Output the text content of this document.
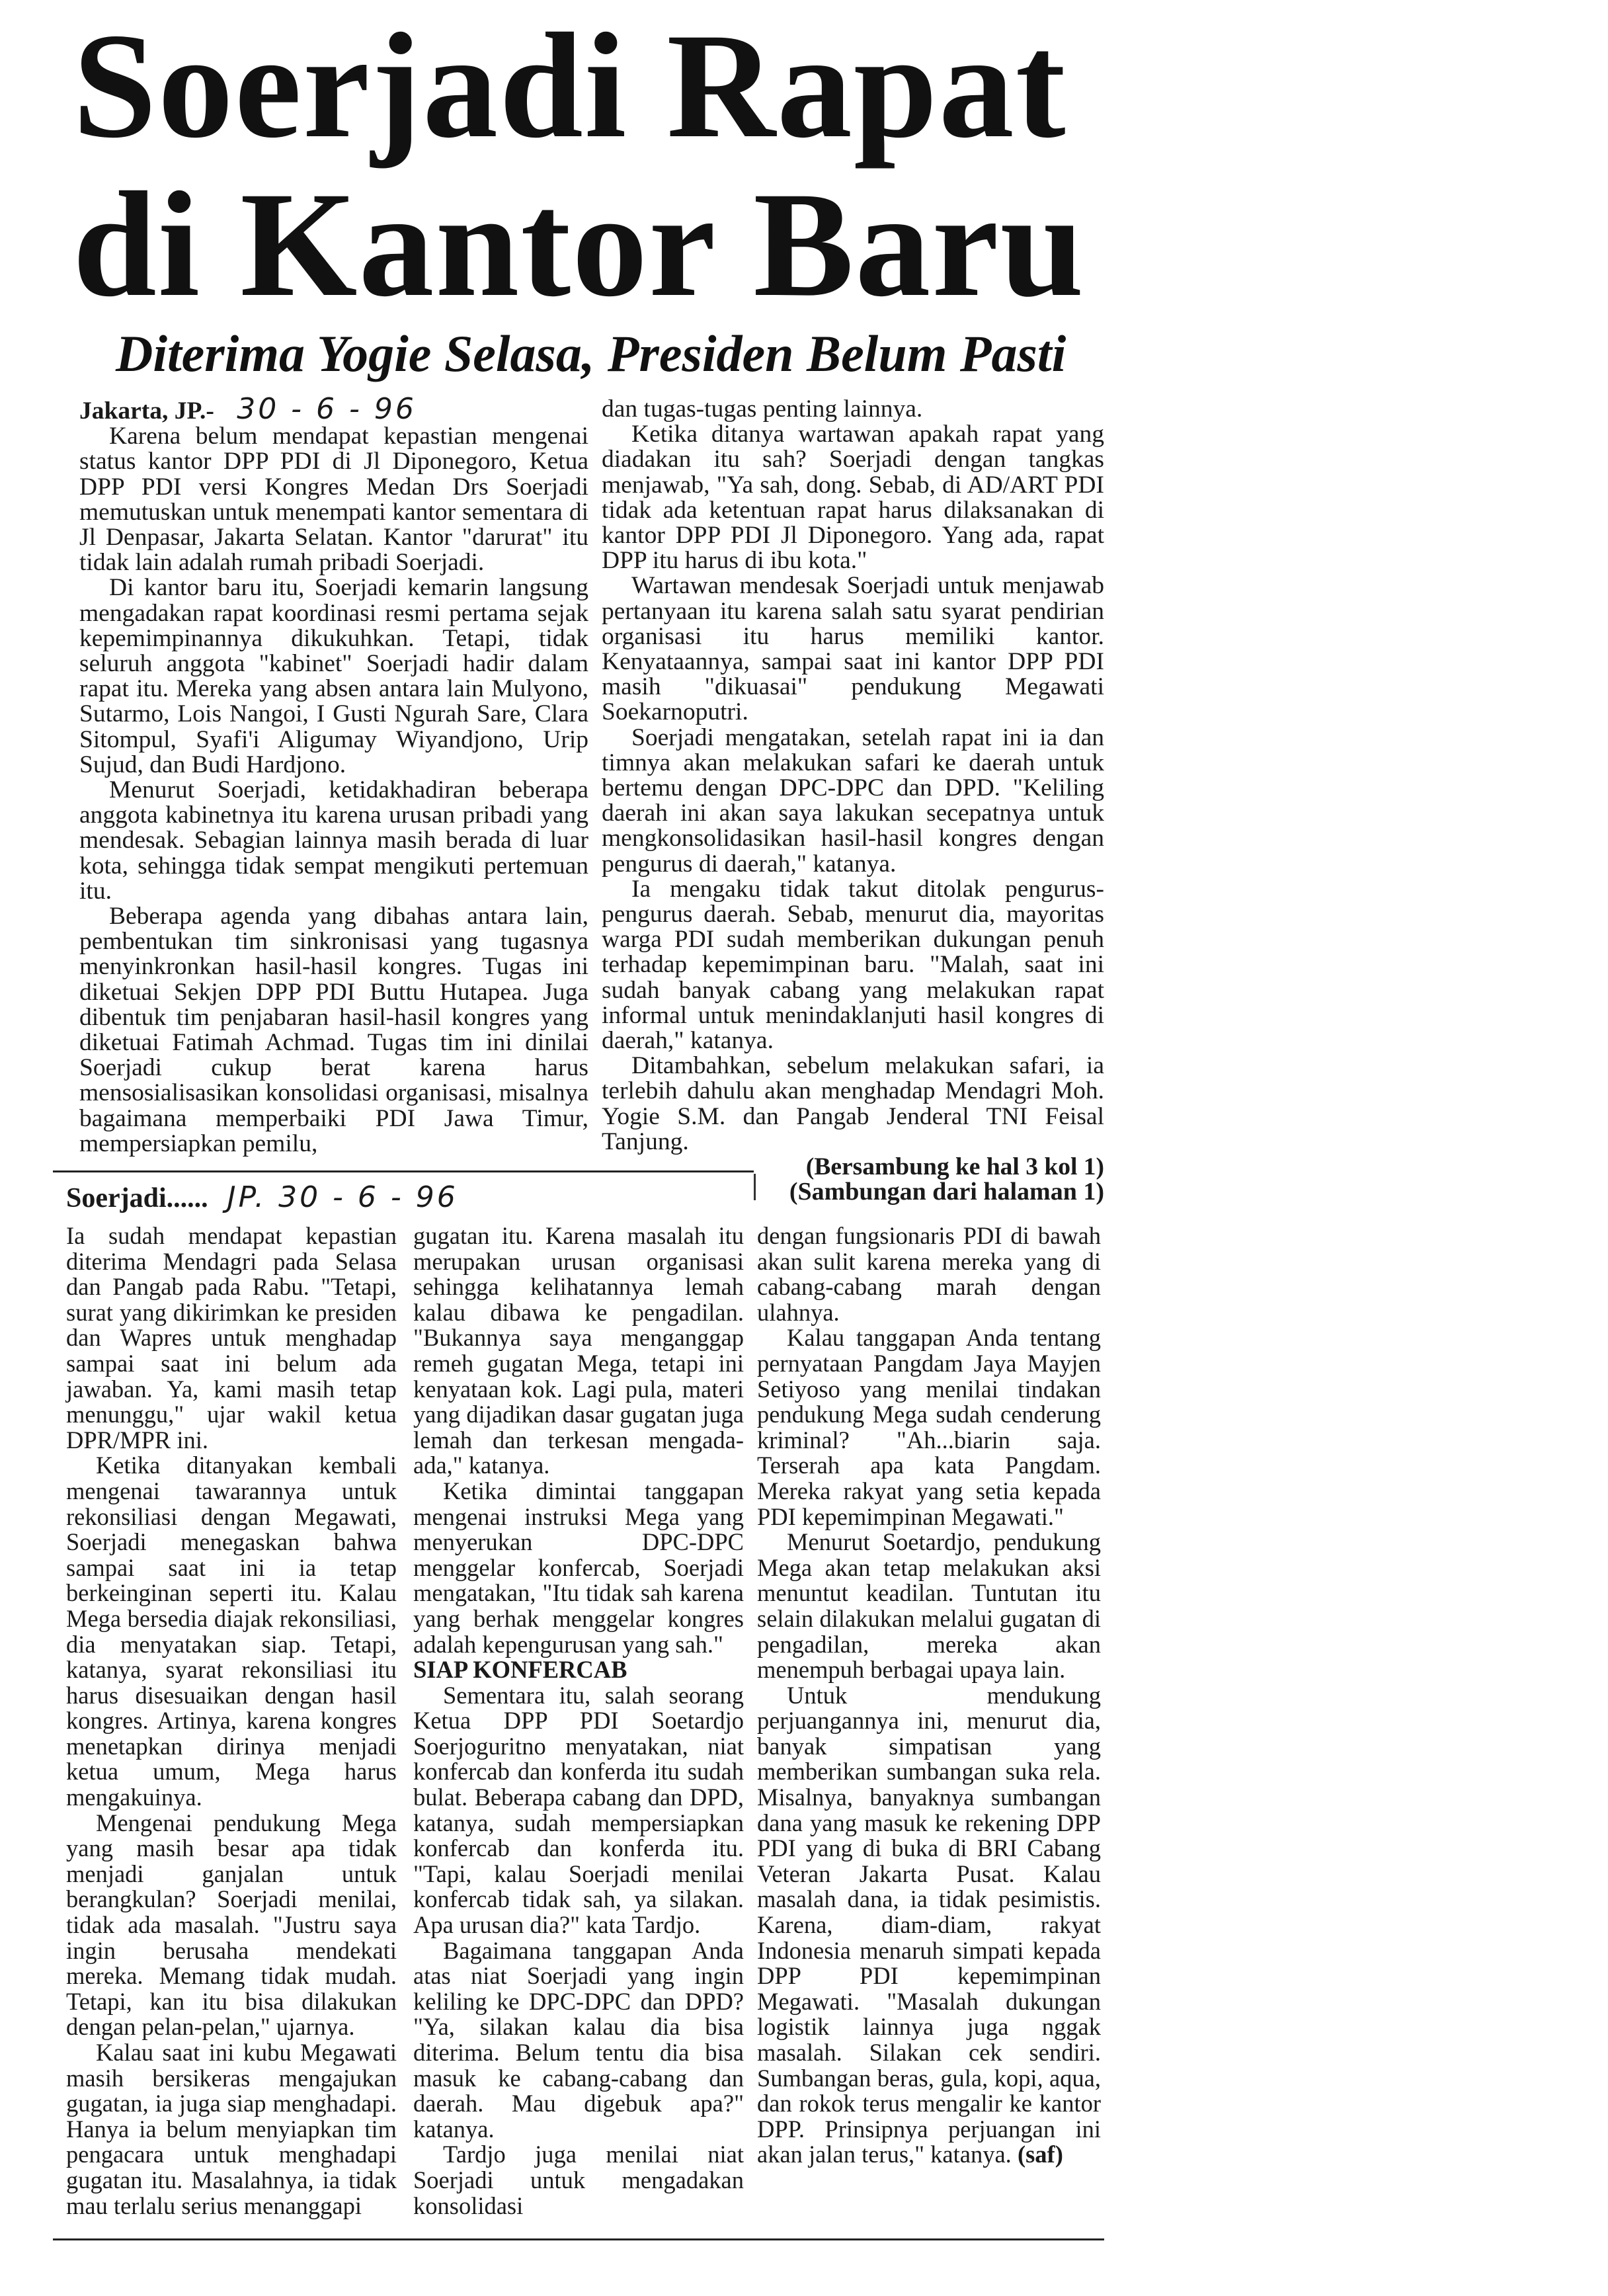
Soerjadi Rapat
di Kantor Baru
Diterima Yogie Selasa, Presiden Belum Pasti

Jakarta, JP.- 30 - 6 - 96

Karena belum mendapat kepastian mengenai status kantor DPP PDI di Jl Diponegoro, Ketua DPP PDI versi Kongres Medan Drs Soerjadi memutuskan untuk menempati kantor sementara di Jl Denpasar, Jakarta Selatan. Kantor "darurat" itu tidak lain adalah rumah pribadi Soerjadi.

Di kantor baru itu, Soerjadi kemarin langsung mengadakan rapat koordinasi resmi pertama sejak kepemimpinannya dikukuhkan. Tetapi, tidak seluruh anggota "kabinet" Soerjadi hadir dalam rapat itu. Mereka yang absen antara lain Mulyono, Sutarmo, Lois Nangoi, I Gusti Ngurah Sare, Clara Sitompul, Syafi'i Aligumay Wiyandjono, Urip Sujud, dan Budi Hardjono.

Menurut Soerjadi, ketidakhadiran beberapa anggota kabinetnya itu karena urusan pribadi yang mendesak. Sebagian lainnya masih berada di luar kota, sehingga tidak sempat mengikuti pertemuan itu.

Beberapa agenda yang dibahas antara lain, pembentukan tim sinkronisasi yang tugasnya menyinkronkan hasil-hasil kongres. Tugas ini diketuai Sekjen DPP PDI Buttu Hutapea. Juga dibentuk tim penjabaran hasil-hasil kongres yang diketuai Fatimah Achmad. Tugas tim ini dinilai Soerjadi cukup berat karena harus mensosialisasikan konsolidasi organisasi, misalnya bagaimana memperbaiki PDI Jawa Timur, mempersiapkan pemilu,

dan tugas-tugas penting lainnya.

Ketika ditanya wartawan apakah rapat yang diadakan itu sah? Soerjadi dengan tangkas menjawab, "Ya sah, dong. Sebab, di AD/ART PDI tidak ada ketentuan rapat harus dilaksanakan di kantor DPP PDI Jl Diponegoro. Yang ada, rapat DPP itu harus di ibu kota."

Wartawan mendesak Soerjadi untuk menjawab pertanyaan itu karena salah satu syarat pendirian organisasi itu harus memiliki kantor. Kenyataannya, sampai saat ini kantor DPP PDI masih "dikuasai" pendukung Megawati Soekarnoputri.

Soerjadi mengatakan, setelah rapat ini ia dan timnya akan melakukan safari ke daerah untuk bertemu dengan DPC-DPC dan DPD. "Keliling daerah ini akan saya lakukan secepatnya untuk mengkonsolidasikan hasil-hasil kongres dengan pengurus di daerah," katanya.

Ia mengaku tidak takut ditolak pengurus-pengurus daerah. Sebab, menurut dia, mayoritas warga PDI sudah memberikan dukungan penuh terhadap kepemimpinan baru. "Malah, saat ini sudah banyak cabang yang melakukan rapat informal untuk menindaklanjuti hasil kongres di daerah," katanya.

Ditambahkan, sebelum melakukan safari, ia terlebih dahulu akan menghadap Mendagri Moh. Yogie S.M. dan Pangab Jenderal TNI Feisal Tanjung.

(Bersambung ke hal 3 kol 1)

Soerjadi...... JP. 30 - 6 - 96	(Sambungan dari halaman 1)

Ia sudah mendapat kepastian diterima Mendagri pada Selasa dan Pangab pada Rabu. "Tetapi, surat yang dikirimkan ke presiden dan Wapres untuk menghadap sampai saat ini belum ada jawaban. Ya, kami masih tetap menunggu," ujar wakil ketua DPR/MPR ini.

Ketika ditanyakan kembali mengenai tawarannya untuk rekonsiliasi dengan Megawati, Soerjadi menegaskan bahwa sampai saat ini ia tetap berkeinginan seperti itu. Kalau Mega bersedia diajak rekonsiliasi, dia menyatakan siap. Tetapi, katanya, syarat rekonsiliasi itu harus disesuaikan dengan hasil kongres. Artinya, karena kongres menetapkan dirinya menjadi ketua umum, Mega harus mengakuinya.

Mengenai pendukung Mega yang masih besar apa tidak menjadi ganjalan untuk berangkulan? Soerjadi menilai, tidak ada masalah. "Justru saya ingin berusaha mendekati mereka. Memang tidak mudah. Tetapi, kan itu bisa dilakukan dengan pelan-pelan," ujarnya.

Kalau saat ini kubu Megawati masih bersikeras mengajukan gugatan, ia juga siap menghadapi. Hanya ia belum menyiapkan tim pengacara untuk menghadapi gugatan itu. Masalahnya, ia tidak mau terlalu serius menanggapi

gugatan itu. Karena masalah itu merupakan urusan organisasi sehingga kelihatannya lemah kalau dibawa ke pengadilan. "Bukannya saya menganggap remeh gugatan Mega, tetapi ini kenyataan kok. Lagi pula, materi yang dijadikan dasar gugatan juga lemah dan terkesan mengada-ada," katanya.

Ketika dimintai tanggapan mengenai instruksi Mega yang menyerukan DPC-DPC menggelar konfercab, Soerjadi mengatakan, "Itu tidak sah karena yang berhak menggelar kongres adalah kepengurusan yang sah."

SIAP KONFERCAB

Sementara itu, salah seorang Ketua DPP PDI Soetardjo Soerjoguritno menyatakan, niat konfercab dan konferda itu sudah bulat. Beberapa cabang dan DPD, katanya, sudah mempersiapkan konfercab dan konferda itu. "Tapi, kalau Soerjadi menilai konfercab tidak sah, ya silakan. Apa urusan dia?" kata Tardjo.

Bagaimana tanggapan Anda atas niat Soerjadi yang ingin keliling ke DPC-DPC dan DPD? "Ya, silakan kalau dia bisa diterima. Belum tentu dia bisa masuk ke cabang-cabang dan daerah. Mau digebuk apa?" katanya.

Tardjo juga menilai niat Soerjadi untuk mengadakan konsolidasi

dengan fungsionaris PDI di bawah akan sulit karena mereka yang di cabang-cabang marah dengan ulahnya.

Kalau tanggapan Anda tentang pernyataan Pangdam Jaya Mayjen Setiyoso yang menilai tindakan pendukung Mega sudah cenderung kriminal? "Ah...biarin saja. Terserah apa kata Pangdam. Mereka rakyat yang setia kepada PDI kepemimpinan Megawati."

Menurut Soetardjo, pendukung Mega akan tetap melakukan aksi menuntut keadilan. Tuntutan itu selain dilakukan melalui gugatan di pengadilan, mereka akan menempuh berbagai upaya lain.

Untuk mendukung perjuangannya ini, menurut dia, banyak simpatisan yang memberikan sumbangan suka rela. Misalnya, banyaknya sumbangan dana yang masuk ke rekening DPP PDI yang di buka di BRI Cabang Veteran Jakarta Pusat. Kalau masalah dana, ia tidak pesimistis. Karena, diam-diam, rakyat Indonesia menaruh simpati kepada DPP PDI kepemimpinan Megawati. "Masalah dukungan logistik lainnya juga nggak masalah. Silakan cek sendiri. Sumbangan beras, gula, kopi, aqua, dan rokok terus mengalir ke kantor DPP. Prinsipnya perjuangan ini akan jalan terus," katanya. (saf)
